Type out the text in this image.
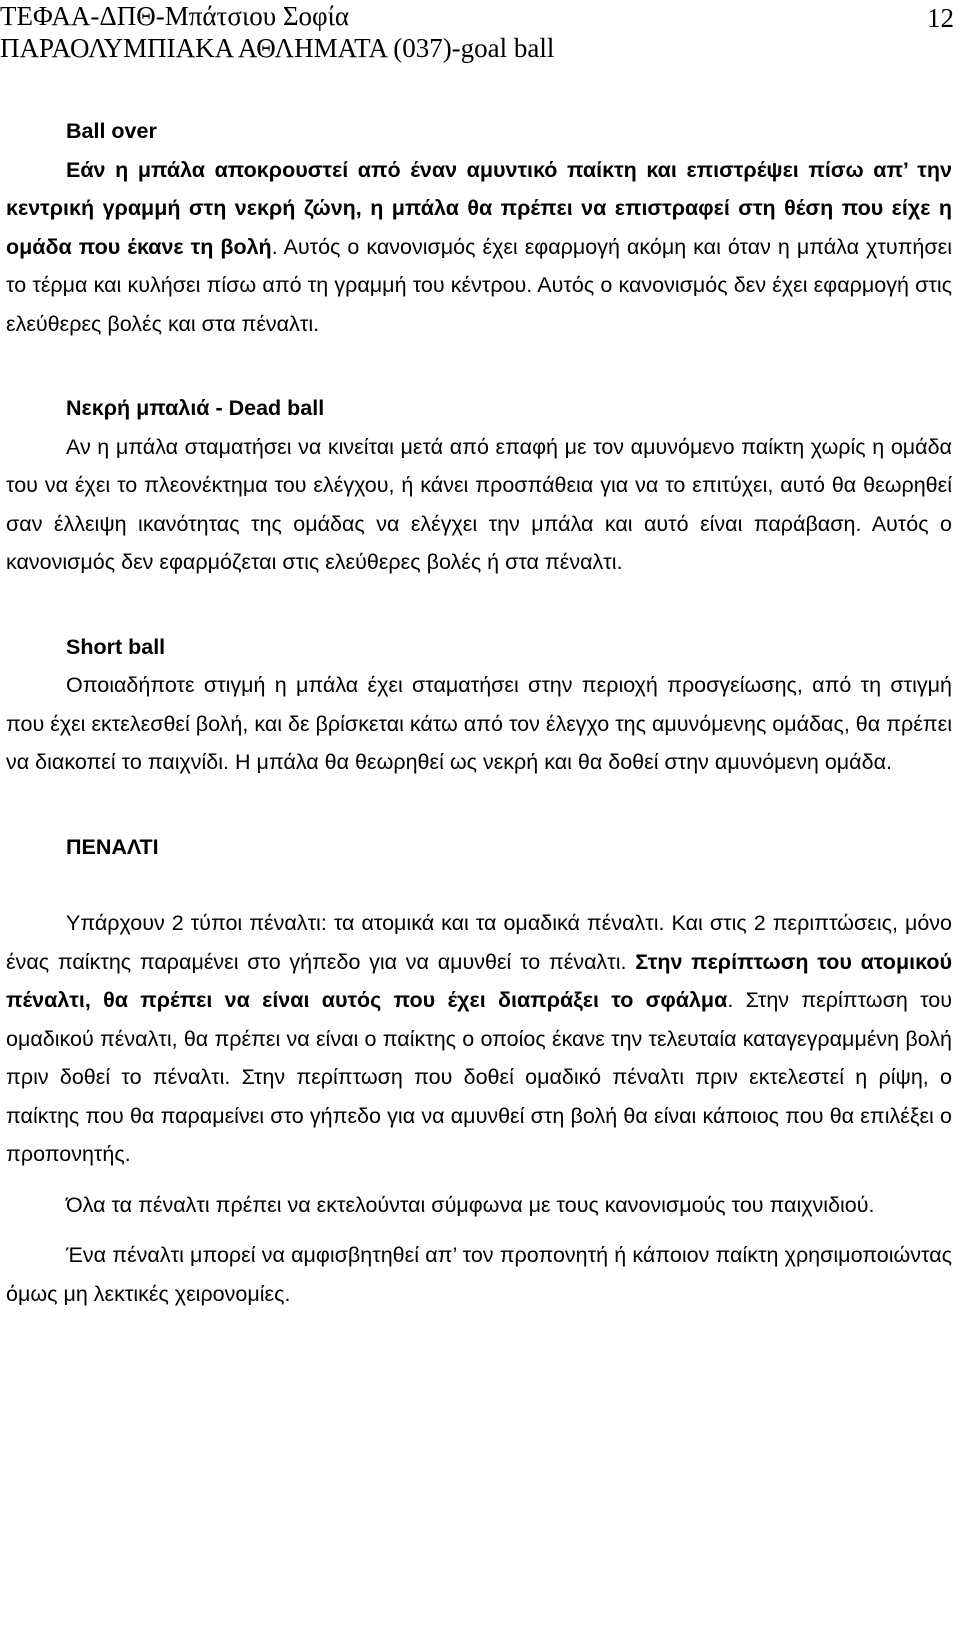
ΤΕΦΑΑ-ΔΠΘ-Μπάτσιου Σοφία
ΠΑΡΑΟΛΥΜΠΙΑΚΑ ΑΘΛΗΜΑΤΑ (037)-goal ball
12
Ball over

Εάν η μπάλα αποκρουστεί από έναν αμυντικό παίκτη και επιστρέψει πίσω απ’ την κεντρική γραμμή στη νεκρή ζώνη, η μπάλα θα πρέπει να επιστραφεί στη θέση που είχε η ομάδα που έκανε τη βολή. Αυτός ο κανονισμός έχει εφαρμογή ακόμη και όταν η μπάλα χτυπήσει το τέρμα και κυλήσει πίσω από τη γραμμή του κέντρου. Αυτός ο κανονισμός δεν έχει εφαρμογή στις ελεύθερες βολές και στα πέναλτι.

Νεκρή μπαλιά - Dead ball

Αν η μπάλα σταματήσει να κινείται μετά από επαφή με τον αμυνόμενο παίκτη χωρίς η ομάδα του να έχει το πλεονέκτημα του ελέγχου, ή κάνει προσπάθεια για να το επιτύχει, αυτό θα θεωρηθεί σαν έλλειψη ικανότητας της ομάδας να ελέγχει την μπάλα και αυτό είναι παράβαση. Αυτός ο κανονισμός δεν εφαρμόζεται στις ελεύθερες βολές ή στα πέναλτι.

Short ball

Οποιαδήποτε στιγμή η μπάλα έχει σταματήσει στην περιοχή προσγείωσης, από τη στιγμή που έχει εκτελεσθεί βολή, και δε βρίσκεται κάτω από τον έλεγχο της αμυνόμενης ομάδας, θα πρέπει να διακοπεί το παιχνίδι. Η μπάλα θα θεωρηθεί ως νεκρή και θα δοθεί στην αμυνόμενη ομάδα.

ΠΕΝΑΛΤΙ

Υπάρχουν 2 τύποι πέναλτι: τα ατομικά και τα ομαδικά πέναλτι. Και στις 2 περιπτώσεις, μόνο ένας παίκτης παραμένει στο γήπεδο για να αμυνθεί το πέναλτι. Στην περίπτωση του ατομικού πέναλτι, θα πρέπει να είναι αυτός που έχει διαπράξει το σφάλμα. Στην περίπτωση του ομαδικού πέναλτι, θα πρέπει να είναι ο παίκτης ο οποίος έκανε την τελευταία καταγεγραμμένη βολή πριν δοθεί το πέναλτι. Στην περίπτωση που δοθεί ομαδικό πέναλτι πριν εκτελεστεί η ρίψη, ο παίκτης που θα παραμείνει στο γήπεδο για να αμυνθεί στη βολή θα είναι κάποιος που θα επιλέξει ο προπονητής.

Όλα τα πέναλτι πρέπει να εκτελούνται σύμφωνα με τους κανονισμούς του παιχνιδιού.

Ένα πέναλτι μπορεί να αμφισβητηθεί απ’ τον προπονητή ή κάποιον παίκτη χρησιμοποιώντας όμως μη λεκτικές χειρονομίες.
